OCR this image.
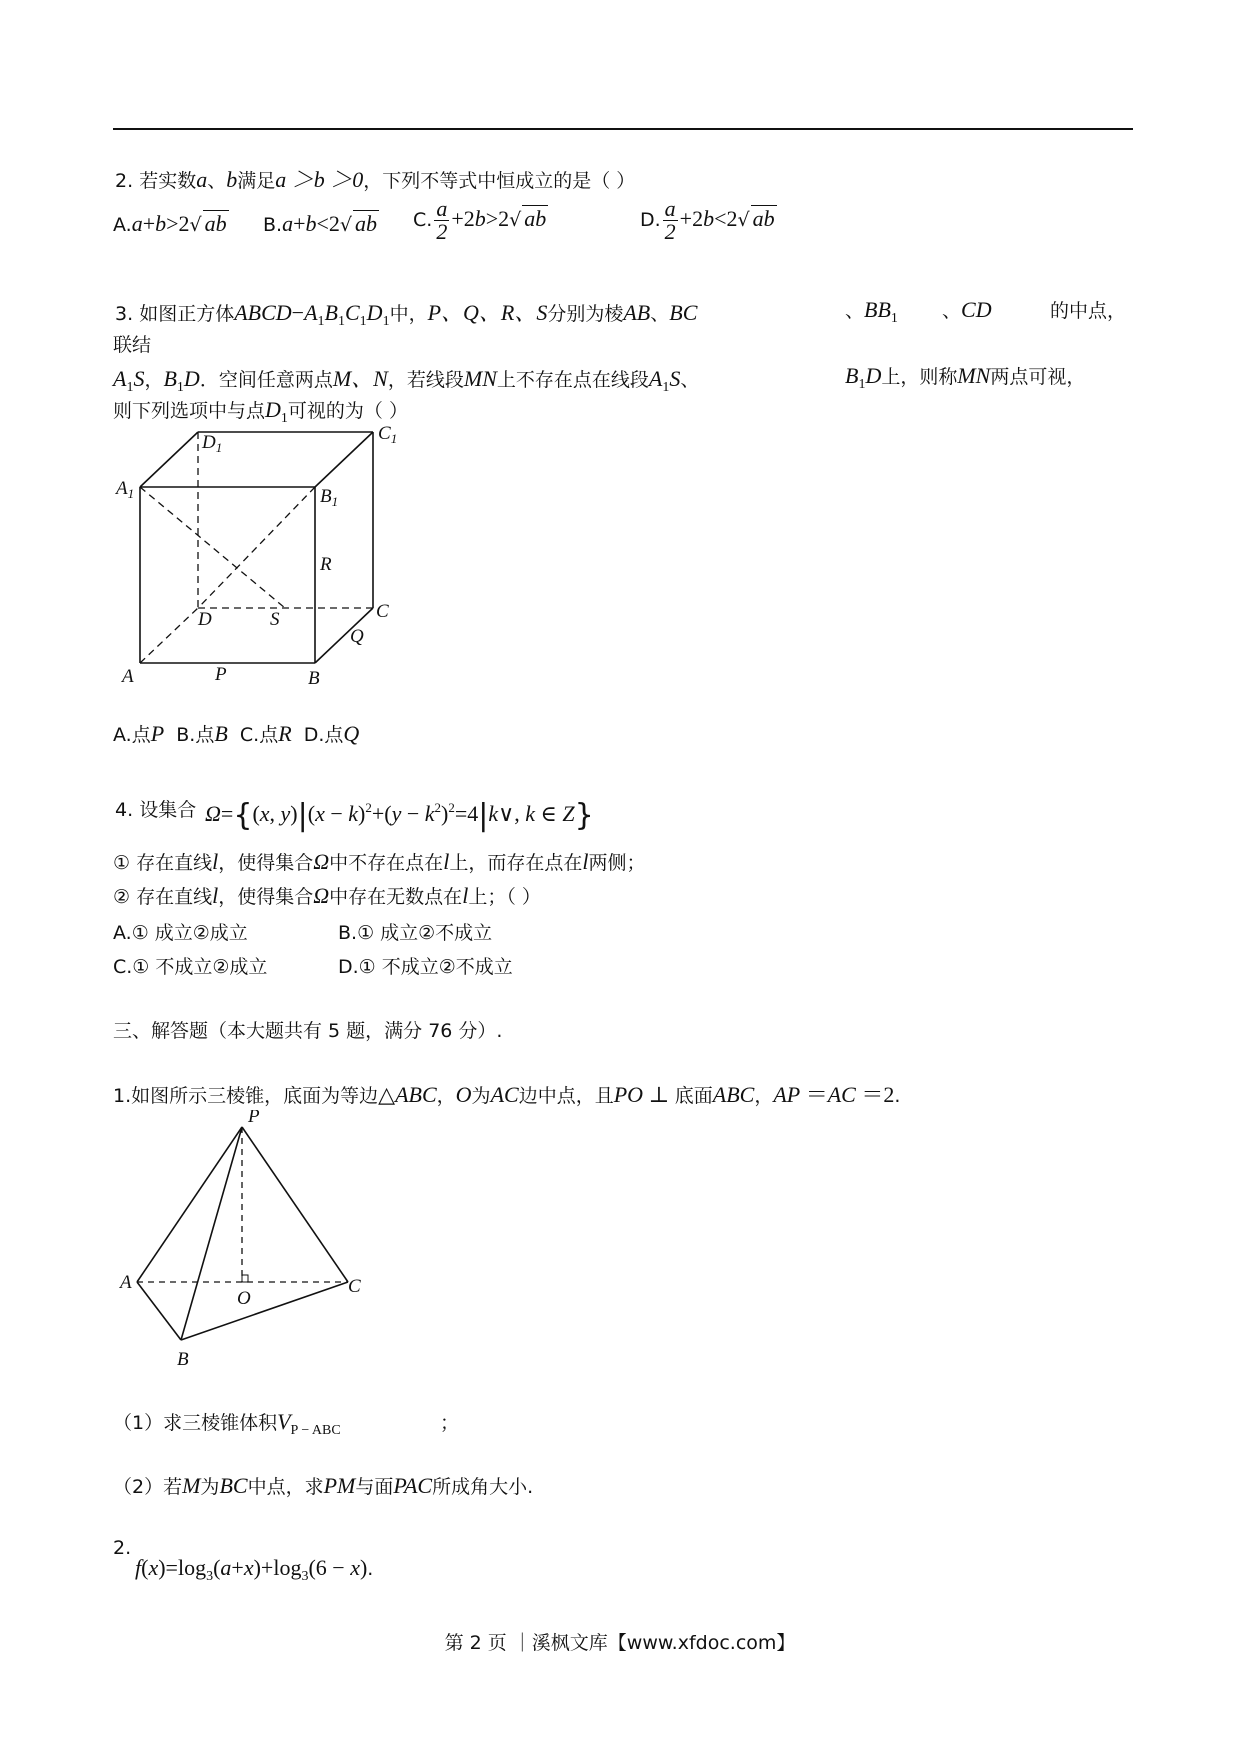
2. 若实数a、b满足a ＞b ＞0，下列不等式中恒成立的是（ ）
A.a+b>2√ ab B.a+b<2√ ab C. $\frac{a}{2} +2b>2√$ ab	D. $\frac{a}{2} +2b<2√$ ab
3. 如图正方体$ABCD-A_1B_1C_1D_1$中，P、Q、R、S分别为棱AB、BC	、$BB_1$ 、CD	的中点，
联结
$A_1S$，$B_1D$．空间任意两点M、N，若线段MN上不存在点在线段$A_1S$、	$B_1D$上，则称MN两点可视，
则下列选项中与点$D_1$可视的为（ ）
$A_1$	$B_1$
$C_1$
$D_1$
A	B
C
D
P
Q
R
S
A.点P B.点B C.点R D.点Q
4. 设集合 Ω={(x, $y)|(x - k)^2+(y$ − $k^2)^2=4|k\vee$, k ∈ Z}
① 存在直线l，使得集合Ω中不存在点在l上，而存在点在l两侧；
② 存在直线l，使得集合Ω中存在无数点在l上；（ ）
A.① 成立②成立	B.① 成立②不成立
C.① 不成立②成立	D.① 不成立②不成立
三、解答题（本大题共有 5 题，满分 76 分）.
1.如图所示三棱锥，底面为等边△ABC，O为AC边中点，且PO ⊥ 底面ABC，AP ＝AC ＝2.
P
A	C
O
B
（1）求三棱锥体积$V_{P - ABC}$	；
（2）若M为BC中点，求PM与面PAC所成角大小.
2.
$f(x)=\log_3(a+x)+\log_3(6 - x)$.
第 2 页 ｜溪枫文库【www.xfdoc.com】
